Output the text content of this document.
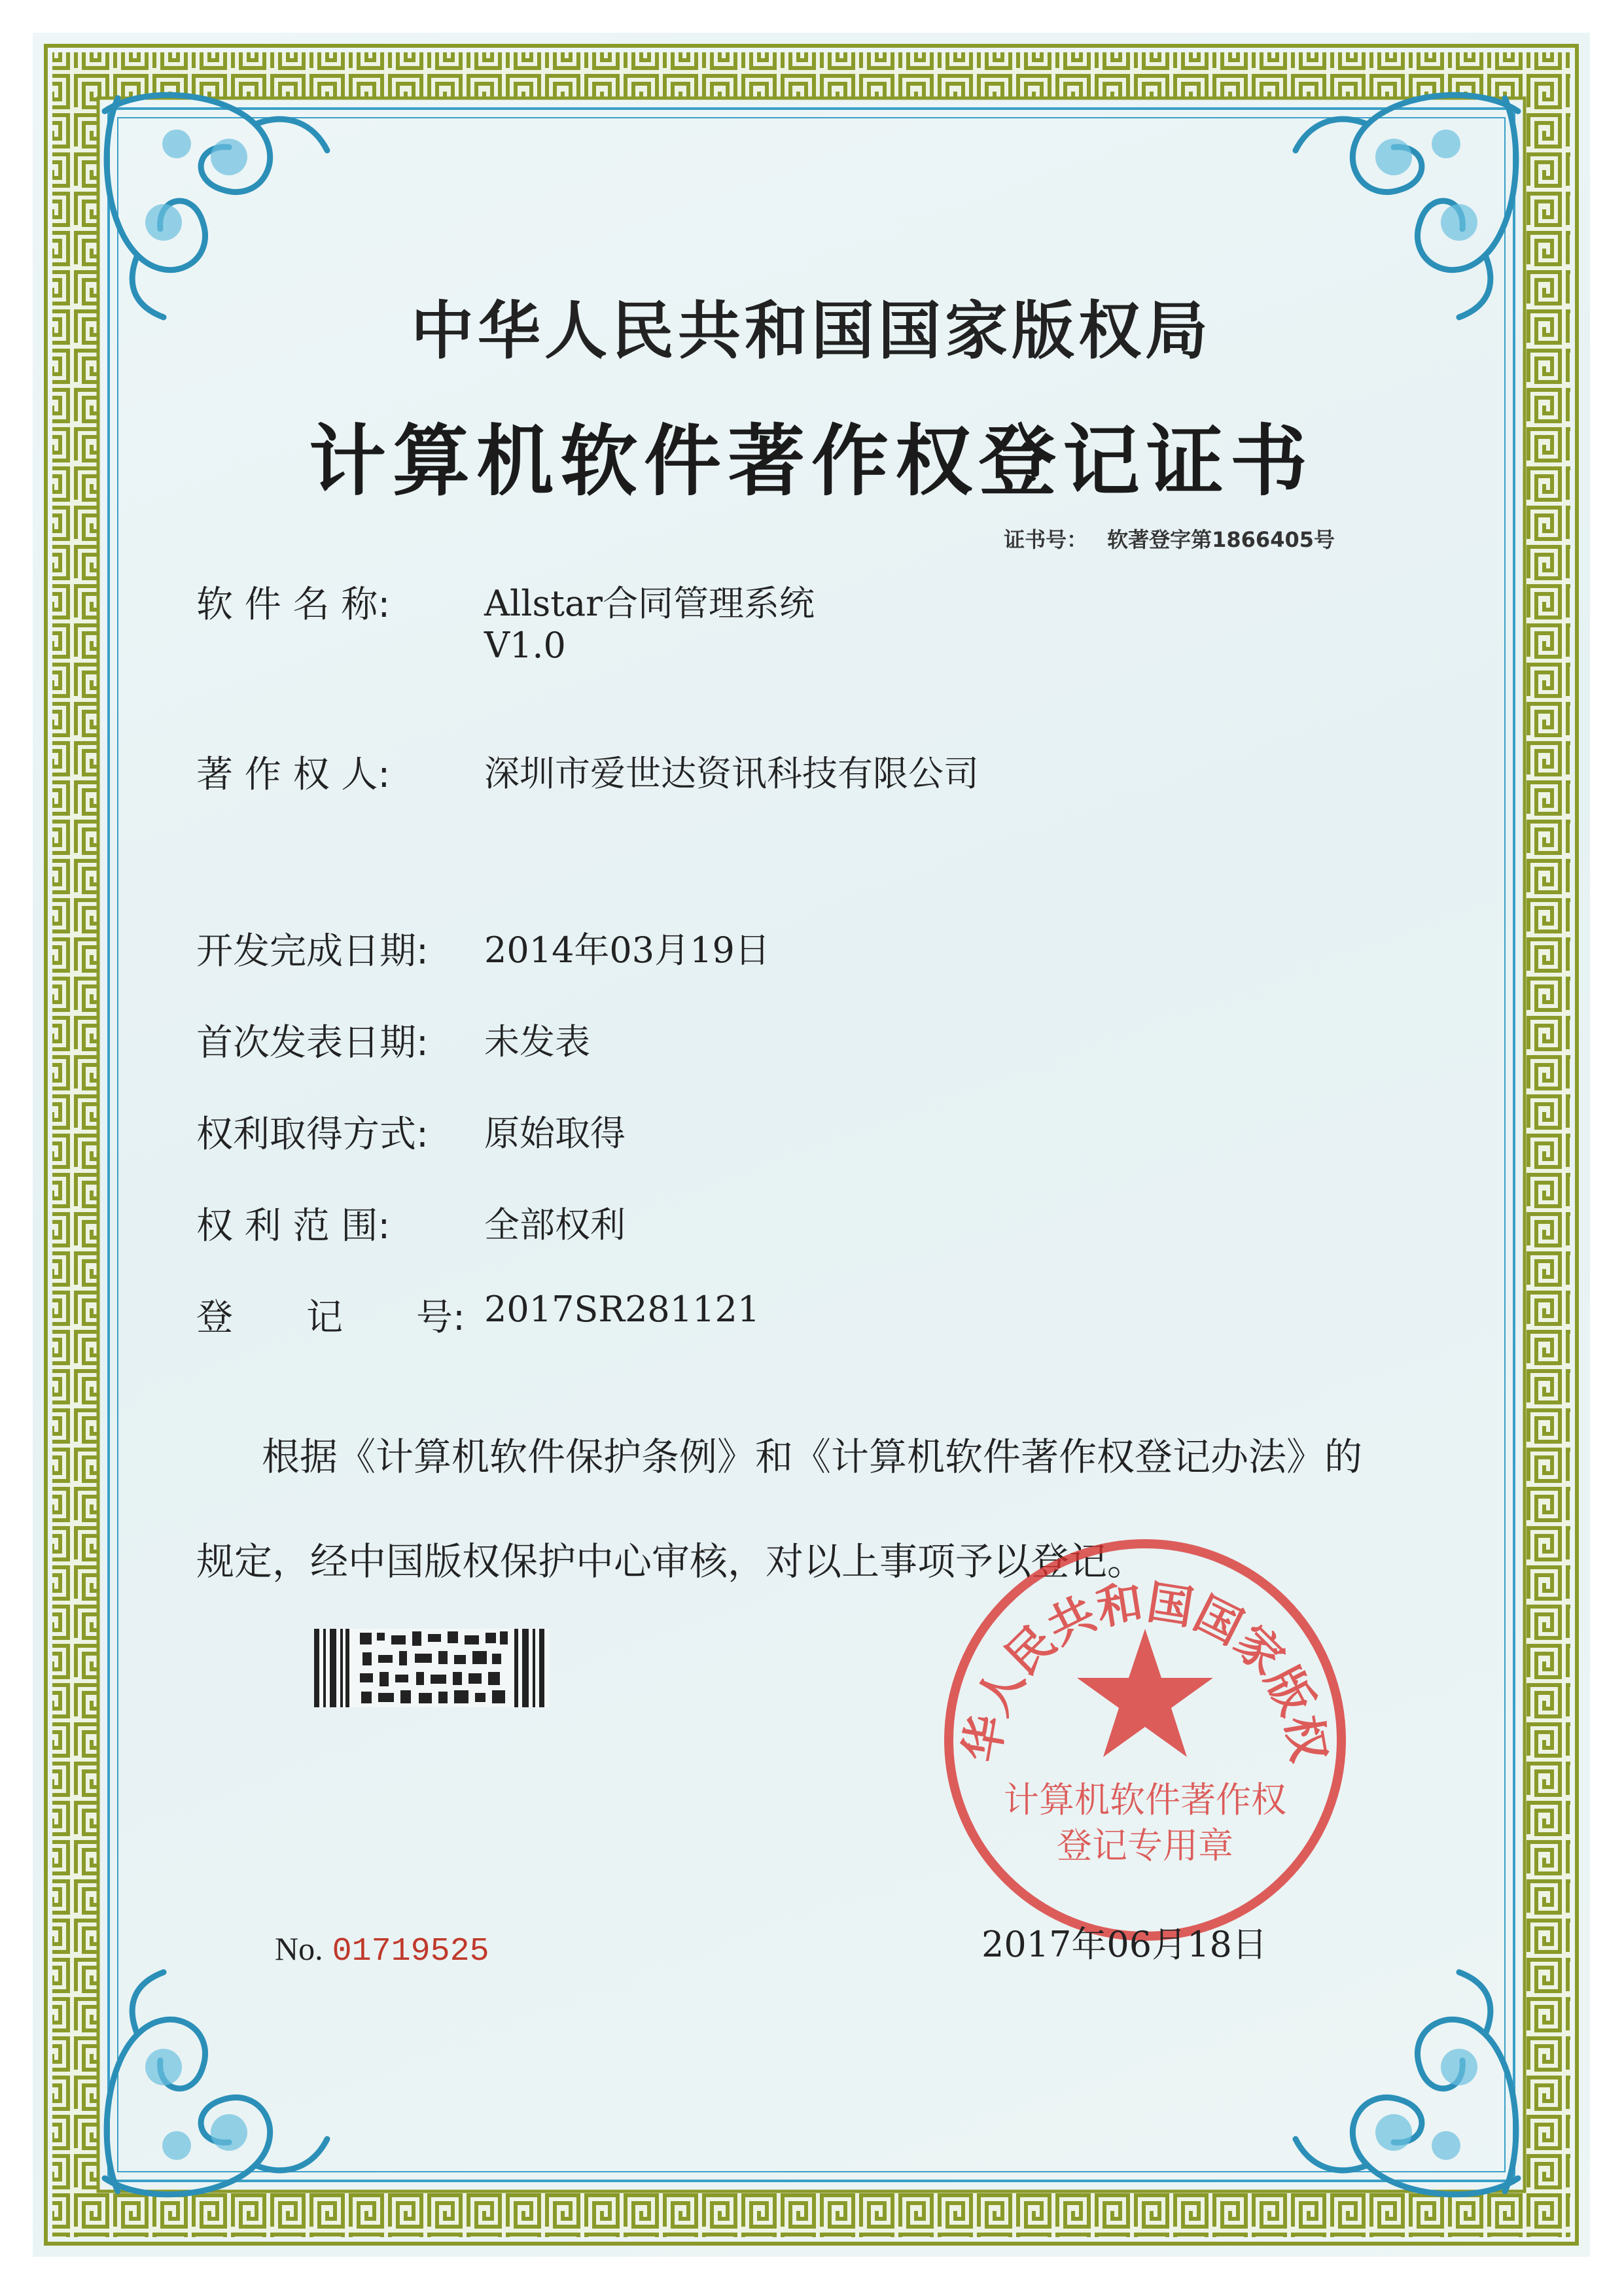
中华人民共和国国家版权局
计算机软件著作权登记证书
证书号： 软著登字第1866405号
软 件 名 称:	Allstar合同管理系统
V1.0
著 作 权 人:	深圳市爱世达资讯科技有限公司
开发完成日期: 2014年03月19日
首次发表日期: 未发表
权利取得方式: 原始取得
权 利 范 围:	全部权利
登　　记　　号: 2017SR281121
根据《计算机软件保护条例》和《计算机软件著作权登记办法》的
规定，经中国版权保护中心审核，对以上事项予以登记。
No. 01719525
华人民共和国国家版权
计算机软件著作权
登记专用章
2017年06月18日
